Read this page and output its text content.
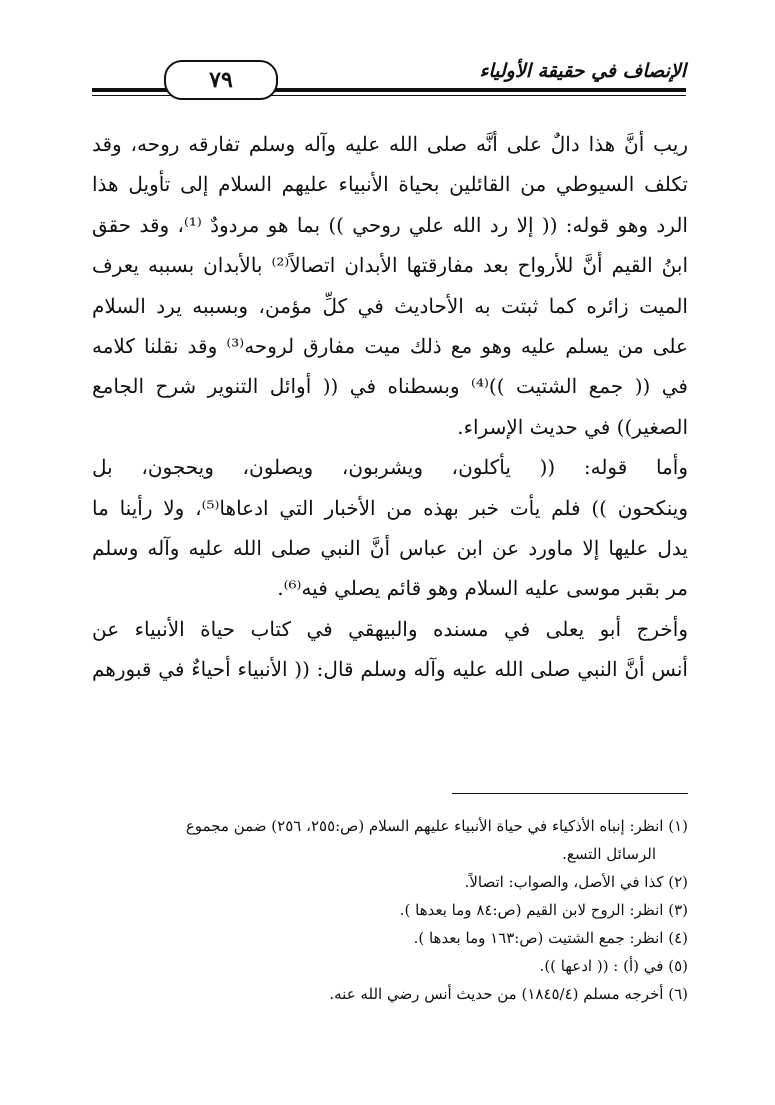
الإنصاف في حقيقة الأولياء
٧٩
ريب أنَّ هذا دالٌ على أنَّه صلى الله عليه وآله وسلم تفارقه روحه، وقد
تكلف السيوطي من القائلين بحياة الأنبياء عليهم السلام إلى تأويل هذا
الرد وهو قوله: (( إلا رد الله علي روحي )) بما هو مردودٌ ⁽¹⁾، وقد حقق
ابنُ القيم أنَّ للأرواح بعد مفارقتها الأبدان اتصالاً⁽²⁾ بالأبدان بسببه يعرف
الميت زائره كما ثبتت به الأحاديث في كلِّ مؤمن، وبسببه يرد السلام
على من يسلم عليه وهو مع ذلك ميت مفارق لروحه⁽³⁾ وقد نقلنا كلامه
في (( جمع الشتيت ))⁽⁴⁾ وبسطناه في (( أوائل التنوير شرح الجامع
الصغير)) في حديث الإسراء.
وأما قوله: (( يأكلون، ويشربون، ويصلون، ويحجون، بل
وينكحون )) فلم يأت خبر بهذه من الأخبار التي ادعاها⁽⁵⁾، ولا رأينا ما
يدل عليها إلا ماورد عن ابن عباس أنَّ النبي صلى الله عليه وآله وسلم
مر بقبر موسى عليه السلام وهو قائم يصلي فيه⁽⁶⁾.
وأخرج أبو يعلى في مسنده والبيهقي في كتاب حياة الأنبياء عن
أنس أنَّ النبي صلى الله عليه وآله وسلم قال: (( الأنبياء أحياءٌ في قبورهم
(١) انظر: إنباه الأذكياء في حياة الأنبياء عليهم السلام (ص:٢٥٥، ٢٥٦) ضمن مجموع
الرسائل التسع.
(٢) كذا في الأصل، والصواب: اتصالاً.
(٣) انظر: الروح لابن القيم (ص:٨٤ وما بعدها ).
(٤) انظر: جمع الشتيت (ص:١٦٣ وما بعدها ).
(٥) في (أ) : (( ادعها )).
(٦) أخرجه مسلم (١٨٤٥/٤) من حديث أنس رضي الله عنه.
